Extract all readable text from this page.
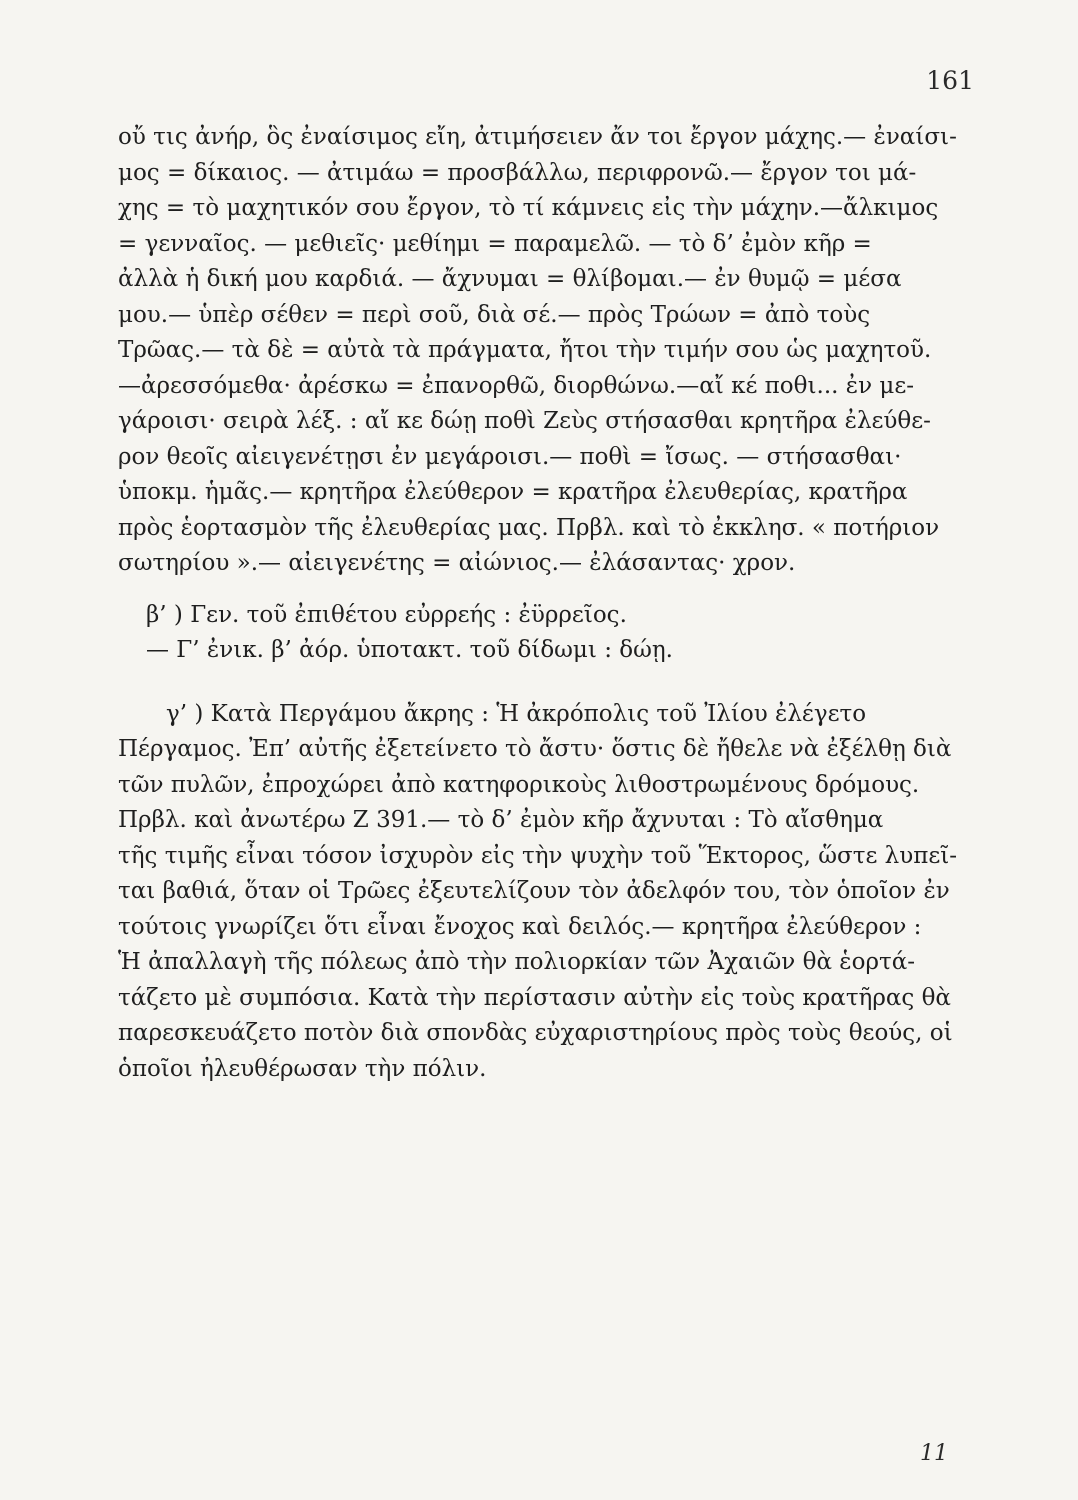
161
οὔ τις ἀνήρ, ὃς ἐναίσιμος εἴη, ἀτιμήσειεν ἄν τοι ἔργον μάχης.— ἐναίσι-
μος = δίκαιος. — ἀτιμάω = προσβάλλω, περιφρονῶ.— ἔργον τοι μά-
χης = τὸ μαχητικόν σου ἔργον, τὸ τί κάμνεις εἰς τὴν μάχην.—ἄλκιμος
= γενναῖος. — μεθιεῖς· μεθίημι = παραμελῶ. — τὸ δ’ ἐμὸν κῆρ =
ἀλλὰ ἡ δική μου καρδιά. — ἄχνυμαι = θλίβομαι.— ἐν θυμῷ = μέσα
μου.— ὑπὲρ σέθεν = περὶ σοῦ, διὰ σέ.— πρὸς Τρώων = ἀπὸ τοὺς
Τρῶας.— τὰ δὲ = αὐτὰ τὰ πράγματα, ἤτοι τὴν τιμήν σου ὡς μαχητοῦ.
—ἀρεσσόμεθα· ἀρέσκω = ἐπανορθῶ, διορθώνω.—αἴ κέ ποθι... ἐν με-
γάροισι· σειρὰ λέξ. : αἴ κε δώῃ ποθὶ Ζεὺς στήσασθαι κρητῆρα ἐλεύθε-
ρον θεοῖς αἰειγενέτῃσι ἐν μεγάροισι.— ποθὶ = ἴσως. — στήσασθαι·
ὑποκμ. ἡμᾶς.— κρητῆρα ἐλεύθερον = κρατῆρα ἐλευθερίας, κρατῆρα
πρὸς ἑορτασμὸν τῆς ἐλευθερίας μας. Πρβλ. καὶ τὸ ἐκκλησ. « ποτήριον
σωτηρίου ».— αἰειγενέτης = αἰώνιος.— ἐλάσαντας· χρον.
β’ ) Γεν. τοῦ ἐπιθέτου εὐρρεής : ἐϋρρεῖος.
— Γ’ ἐνικ. β’ ἀόρ. ὑποτακτ. τοῦ δίδωμι : δώῃ.
γ’ ) Κατὰ Περγάμου ἄκρης : Ἡ ἀκρόπολις τοῦ Ἰλίου ἐλέγετο
Πέργαμος. Ἐπ’ αὐτῆς ἐξετείνετο τὸ ἄστυ· ὅστις δὲ ἤθελε νὰ ἐξέλθῃ διὰ
τῶν πυλῶν, ἐπροχώρει ἀπὸ κατηφορικοὺς λιθοστρωμένους δρόμους.
Πρβλ. καὶ ἀνωτέρω Ζ 391.— τὸ δ’ ἐμὸν κῆρ ἄχνυται : Τὸ αἴσθημα
τῆς τιμῆς εἶναι τόσον ἰσχυρὸν εἰς τὴν ψυχὴν τοῦ Ἕκτορος, ὥστε λυπεῖ-
ται βαθιά, ὅταν οἱ Τρῶες ἐξευτελίζουν τὸν ἀδελφόν του, τὸν ὁποῖον ἐν
τούτοις γνωρίζει ὅτι εἶναι ἔνοχος καὶ δειλός.— κρητῆρα ἐλεύθερον :
Ἡ ἀπαλλαγὴ τῆς πόλεως ἀπὸ τὴν πολιορκίαν τῶν Ἀχαιῶν θὰ ἑορτά-
τάζετο μὲ συμπόσια. Κατὰ τὴν περίστασιν αὐτὴν εἰς τοὺς κρατῆρας θὰ
παρεσκευάζετο ποτὸν διὰ σπονδὰς εὐχαριστηρίους πρὸς τοὺς θεούς, οἱ
ὁποῖοι ἠλευθέρωσαν τὴν πόλιν.
11
